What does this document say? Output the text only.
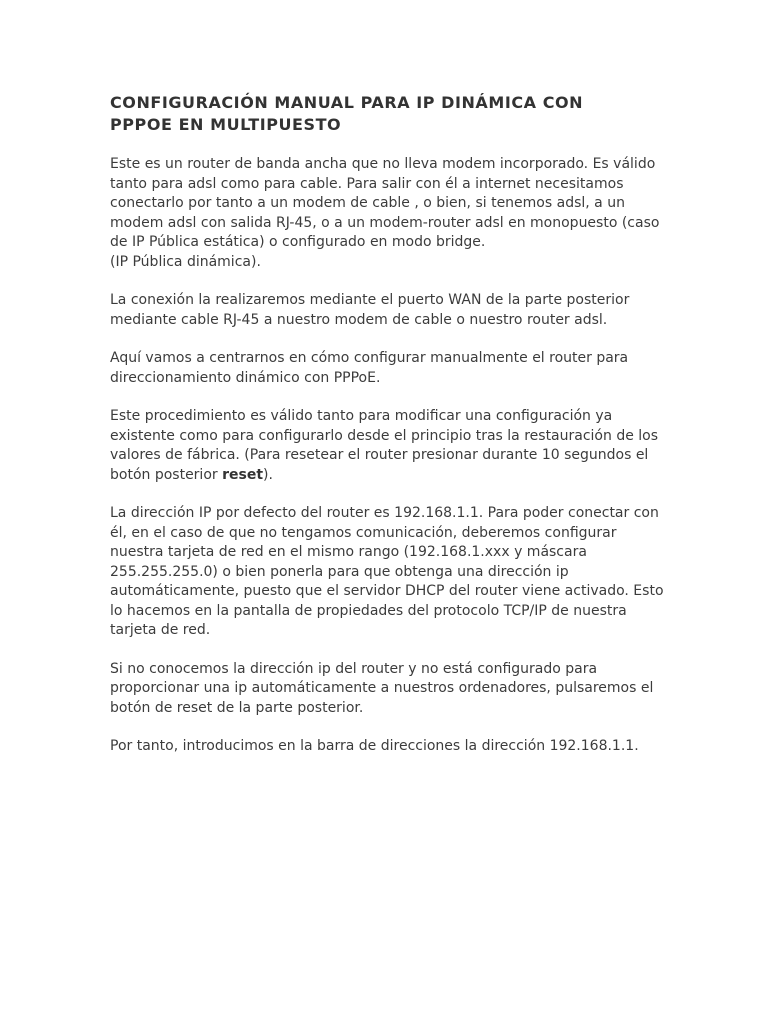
CONFIGURACIÓN MANUAL PARA IP DINÁMICA CON
PPPOE EN MULTIPUESTO

Este es un router de banda ancha que no lleva modem incorporado. Es válido tanto para adsl como para cable. Para salir con él a internet necesitamos conectarlo por tanto a un modem de cable , o bien, si tenemos adsl, a un modem adsl con salida RJ-45, o a un modem-router adsl en monopuesto (caso de IP Pública estática) o configurado en modo bridge.
(IP Pública dinámica).

La conexión la realizaremos mediante el puerto WAN de la parte posterior mediante cable RJ-45 a nuestro modem de cable o nuestro router adsl.

Aquí vamos a centrarnos en cómo configurar manualmente el router para direccionamiento dinámico con PPPoE.

Este procedimiento es válido tanto para modificar una configuración ya existente como para configurarlo desde el principio tras la restauración de los valores de fábrica. (Para resetear el router presionar durante 10 segundos el botón posterior reset).

La dirección IP por defecto del router es 192.168.1.1. Para poder conectar con él, en el caso de que no tengamos comunicación, deberemos configurar nuestra tarjeta de red en el mismo rango (192.168.1.xxx y máscara 255.255.255.0) o bien ponerla para que obtenga una dirección ip automáticamente, puesto que el servidor DHCP del router viene activado. Esto lo hacemos en la pantalla de propiedades del protocolo TCP/IP de nuestra tarjeta de red.

Si no conocemos la dirección ip del router y no está configurado para proporcionar una ip automáticamente a nuestros ordenadores, pulsaremos el botón de reset de la parte posterior.

Por tanto, introducimos en la barra de direcciones la dirección 192.168.1.1.
